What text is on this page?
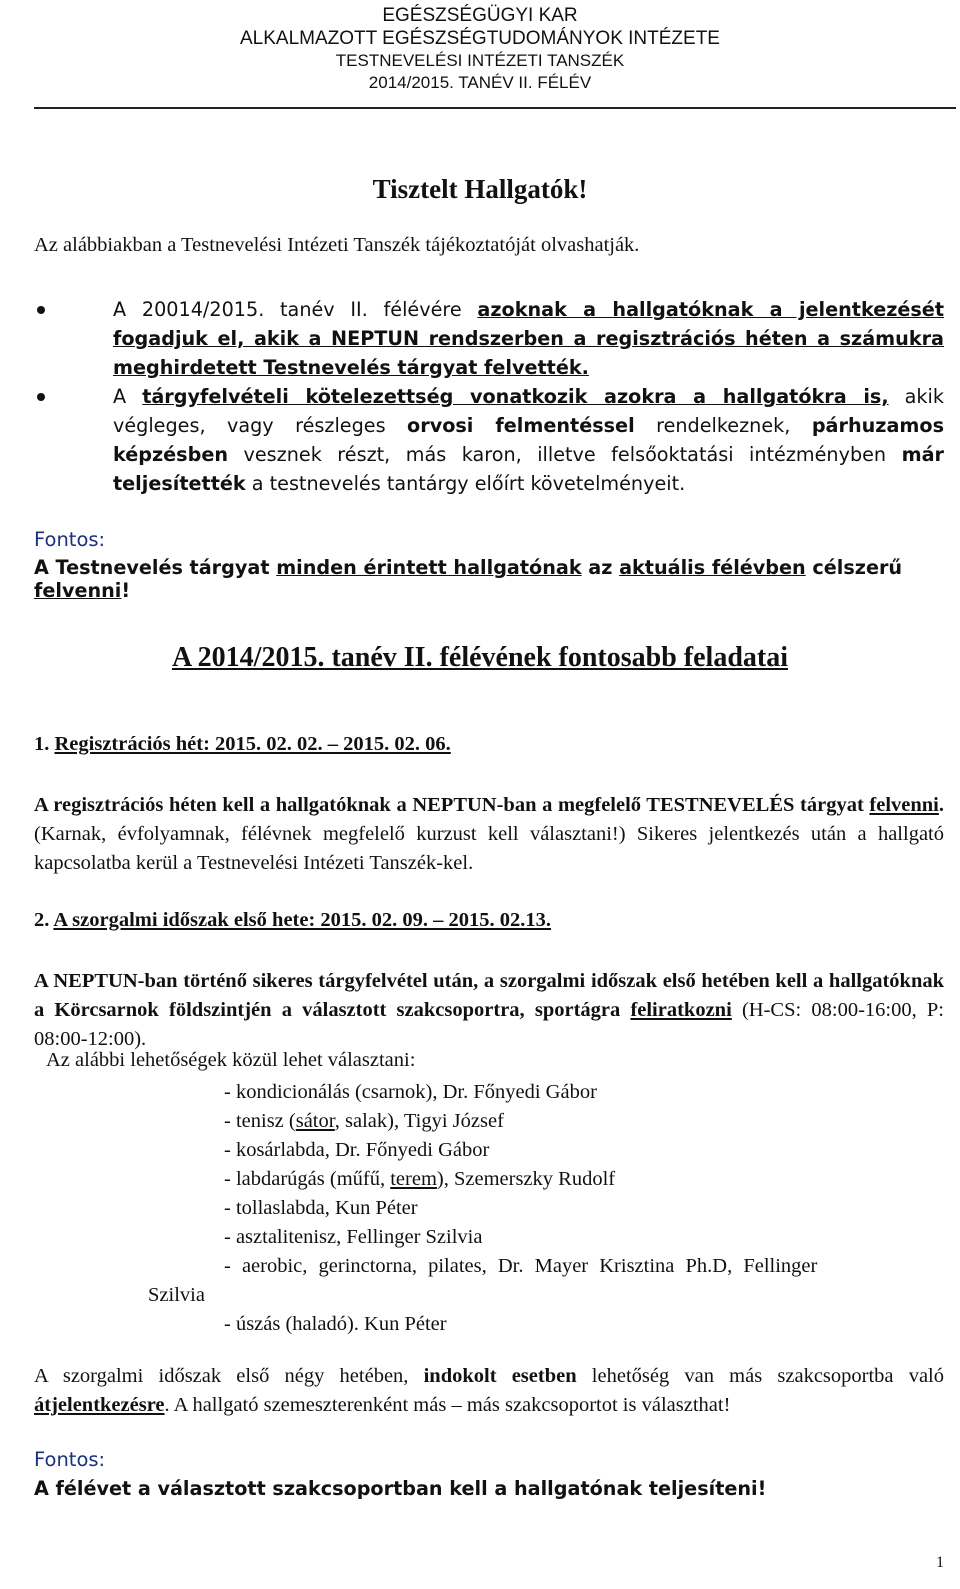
EGÉSZSÉGÜGYI KAR
ALKALMAZOTT EGÉSZSÉGTUDOMÁNYOK INTÉZETE
TESTNEVELÉSI INTÉZETI TANSZÉK
2014/2015. TANÉV II. FÉLÉV
Tisztelt Hallgatók!
Az alábbiakban a Testnevelési Intézeti Tanszék tájékoztatóját olvashatják.
A 20014/2015. tanév II. félévére azoknak a hallgatóknak a jelentkezését fogadjuk el, akik a NEPTUN rendszerben a regisztrációs héten a számukra meghirdetett Testnevelés tárgyat felvették.
A tárgyfelvételi kötelezettség vonatkozik azokra a hallgatókra is, akik végleges, vagy részleges orvosi felmentéssel rendelkeznek, párhuzamos képzésben vesznek részt, más karon, illetve felsőoktatási intézményben már teljesítették a testnevelés tantárgy előírt követelményeit.
Fontos:
A Testnevelés tárgyat minden érintett hallgatónak az aktuális félévben célszerű felvenni!
A 2014/2015. tanév II. félévének fontosabb feladatai
1. Regisztrációs hét: 2015. 02. 02. – 2015. 02. 06.
A regisztrációs héten kell a hallgatóknak a NEPTUN-ban a megfelelő TESTNEVELÉS tárgyat felvenni. (Karnak, évfolyamnak, félévnek megfelelő kurzust kell választani!) Sikeres jelentkezés után a hallgató kapcsolatba kerül a Testnevelési Intézeti Tanszék-kel.
2. A szorgalmi időszak első hete: 2015. 02. 09. – 2015. 02.13.
A NEPTUN-ban történő sikeres tárgyfelvétel után, a szorgalmi időszak első hetében kell a hallgatóknak a Körcsarnok földszintjén a választott szakcsoportra, sportágra feliratkozni (H-CS: 08:00-16:00, P: 08:00-12:00).
Az alábbi lehetőségek közül lehet választani:
- kondicionálás (csarnok), Dr. Főnyedi Gábor
- tenisz (sátor, salak), Tigyi József
- kosárlabda, Dr. Főnyedi Gábor
- labdarúgás (műfű, terem), Szemerszky Rudolf
- tollaslabda, Kun Péter
- asztalitenisz, Fellinger Szilvia
- aerobic, gerinctorna, pilates, Dr. Mayer Krisztina Ph.D, Fellinger
Szilvia
- úszás (haladó). Kun Péter
A szorgalmi időszak első négy hetében, indokolt esetben lehetőség van más szakcsoportba való átjelentkezésre. A hallgató szemeszterenként más – más szakcsoportot is választhat!
Fontos:
A félévet a választott szakcsoportban kell a hallgatónak teljesíteni!
1
